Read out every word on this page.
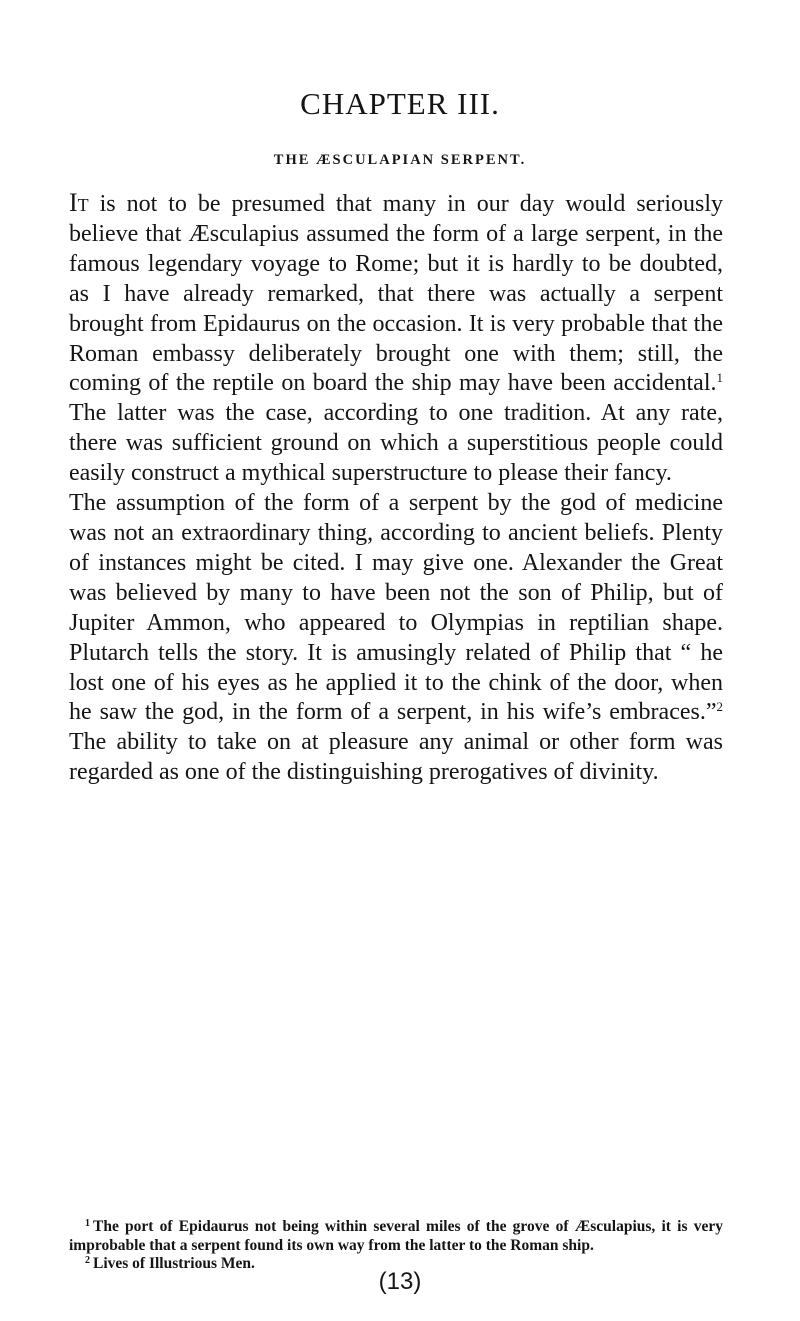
CHAPTER III.
THE ÆSCULAPIAN SERPENT.

It is not to be presumed that many in our day would seriously believe that Æsculapius assumed the form of a large serpent, in the famous legendary voyage to Rome; but it is hardly to be doubted, as I have already remarked, that there was actually a serpent brought from Epidaurus on the occasion. It is very probable that the Roman embassy deliberately brought one with them; still, the coming of the reptile on board the ship may have been accidental.$^1$ The latter was the case, according to one tradition. At any rate, there was sufficient ground on which a superstitious people could easily construct a mythical superstructure to please their fancy.

The assumption of the form of a serpent by the god of medicine was not an extraordinary thing, according to ancient beliefs. Plenty of instances might be cited. I may give one. Alexander the Great was believed by many to have been not the son of Philip, but of Jupiter Ammon, who appeared to Olympias in reptilian shape. Plutarch tells the story. It is amusingly related of Philip that “ he lost one of his eyes as he applied it to the chink of the door, when he saw the god, in the form of a serpent, in his wife’s embraces.”$^2$ The ability to take on at pleasure any animal or other form was regarded as one of the distinguishing prerogatives of divinity.

$^1$ The port of Epidaurus not being within several miles of the grove of Æsculapius, it is very improbable that a serpent found its own way from the latter to the Roman ship.

$^2$ Lives of Illustrious Men.

(13)
